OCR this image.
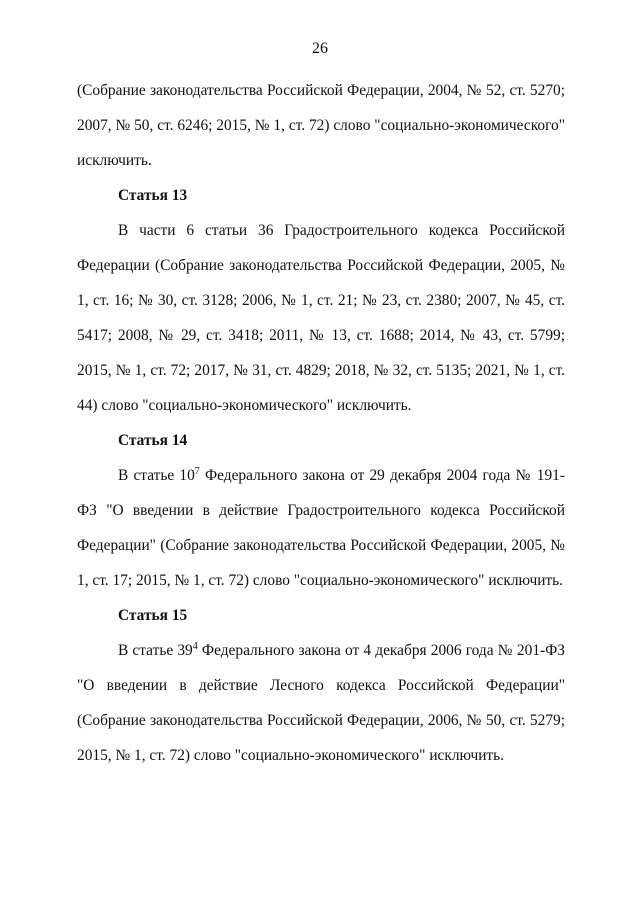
26

(Собрание законодательства Российской Федерации, 2004, № 52, ст. 5270; 2007, № 50, ст. 6246; 2015, № 1, ст. 72) слово "социально-экономического" исключить.

Статья 13

В части 6 статьи 36 Градостроительного кодекса Российской Федерации (Собрание законодательства Российской Федерации, 2005, № 1, ст. 16; № 30, ст. 3128; 2006, № 1, ст. 21; № 23, ст. 2380; 2007, № 45, ст. 5417; 2008, № 29, ст. 3418; 2011, № 13, ст. 1688; 2014, № 43, ст. 5799; 2015, № 1, ст. 72; 2017, № 31, ст. 4829; 2018, № 32, ст. 5135; 2021, № 1, ст. 44) слово "социально-экономического" исключить.

Статья 14

В статье $10^7$ Федерального закона от 29 декабря 2004 года № 191-ФЗ "О введении в действие Градостроительного кодекса Российской Федерации" (Собрание законодательства Российской Федерации, 2005, № 1, ст. 17; 2015, № 1, ст. 72) слово "социально-экономического" исключить.

Статья 15

В статье $39^4$ Федерального закона от 4 декабря 2006 года № 201-ФЗ "О введении в действие Лесного кодекса Российской Федерации" (Собрание законодательства Российской Федерации, 2006, № 50, ст. 5279; 2015, № 1, ст. 72) слово "социально-экономического" исключить.
